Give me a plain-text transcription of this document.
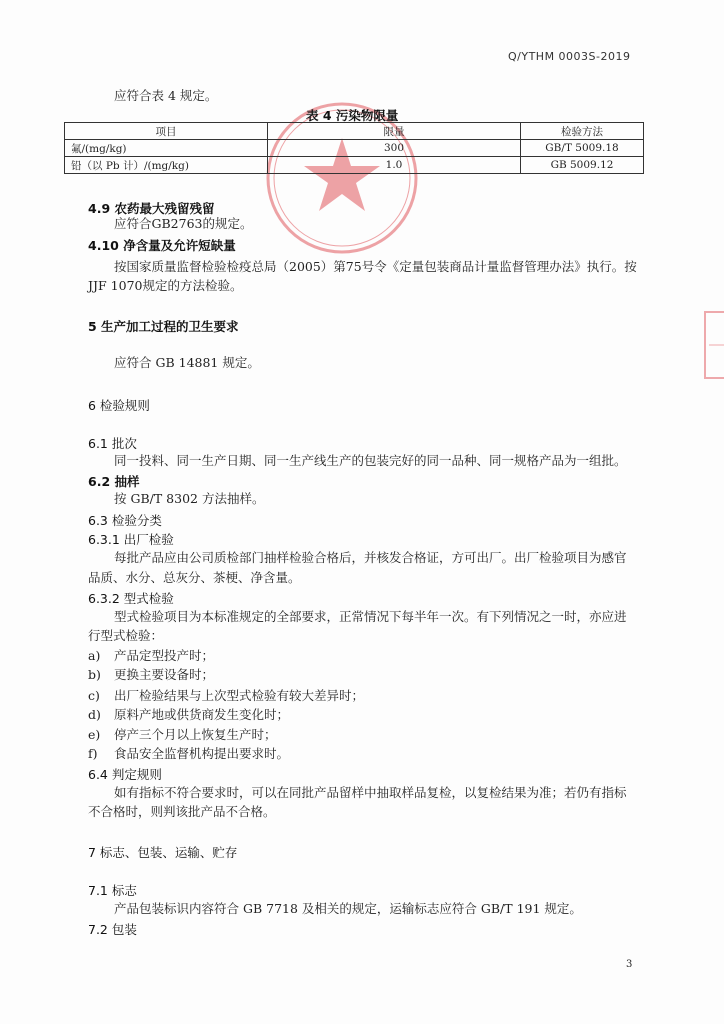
Q/YTHM 0003S-2019
应符合表 4 规定。
表 4 污染物限量
项目	限量	检验方法
氟/(mg/kg)	300	GB/T 5009.18
铅（以 Pb 计）/(mg/kg)	1.0	GB 5009.12
4.9 农药最大残留残留
应符合GB2763的规定。
4.10 净含量及允许短缺量
按国家质量监督检验检疫总局（2005）第75号令《定量包装商品计量监督管理办法》执行。按
JJF 1070规定的方法检验。
5 生产加工过程的卫生要求
应符合 GB 14881 规定。
6 检验规则
6.1 批次
同一投料、同一生产日期、同一生产线生产的包装完好的同一品种、同一规格产品为一组批。
6.2 抽样
按 GB/T 8302 方法抽样。
6.3 检验分类
6.3.1 出厂检验
每批产品应由公司质检部门抽样检验合格后，并核发合格证，方可出厂。出厂检验项目为感官
品质、水分、总灰分、茶梗、净含量。
6.3.2 型式检验
型式检验项目为本标准规定的全部要求，正常情况下每半年一次。有下列情况之一时，亦应进
行型式检验：
a) 产品定型投产时；
b) 更换主要设备时；
c) 出厂检验结果与上次型式检验有较大差异时；
d) 原料产地或供货商发生变化时；
e) 停产三个月以上恢复生产时；
f) 食品安全监督机构提出要求时。
6.4 判定规则
如有指标不符合要求时，可以在同批产品留样中抽取样品复检，以复检结果为准；若仍有指标
不合格时，则判该批产品不合格。
7 标志、包装、运输、贮存
7.1 标志
产品包装标识内容符合 GB 7718 及相关的规定，运输标志应符合 GB/T 191 规定。
7.2 包装
3
